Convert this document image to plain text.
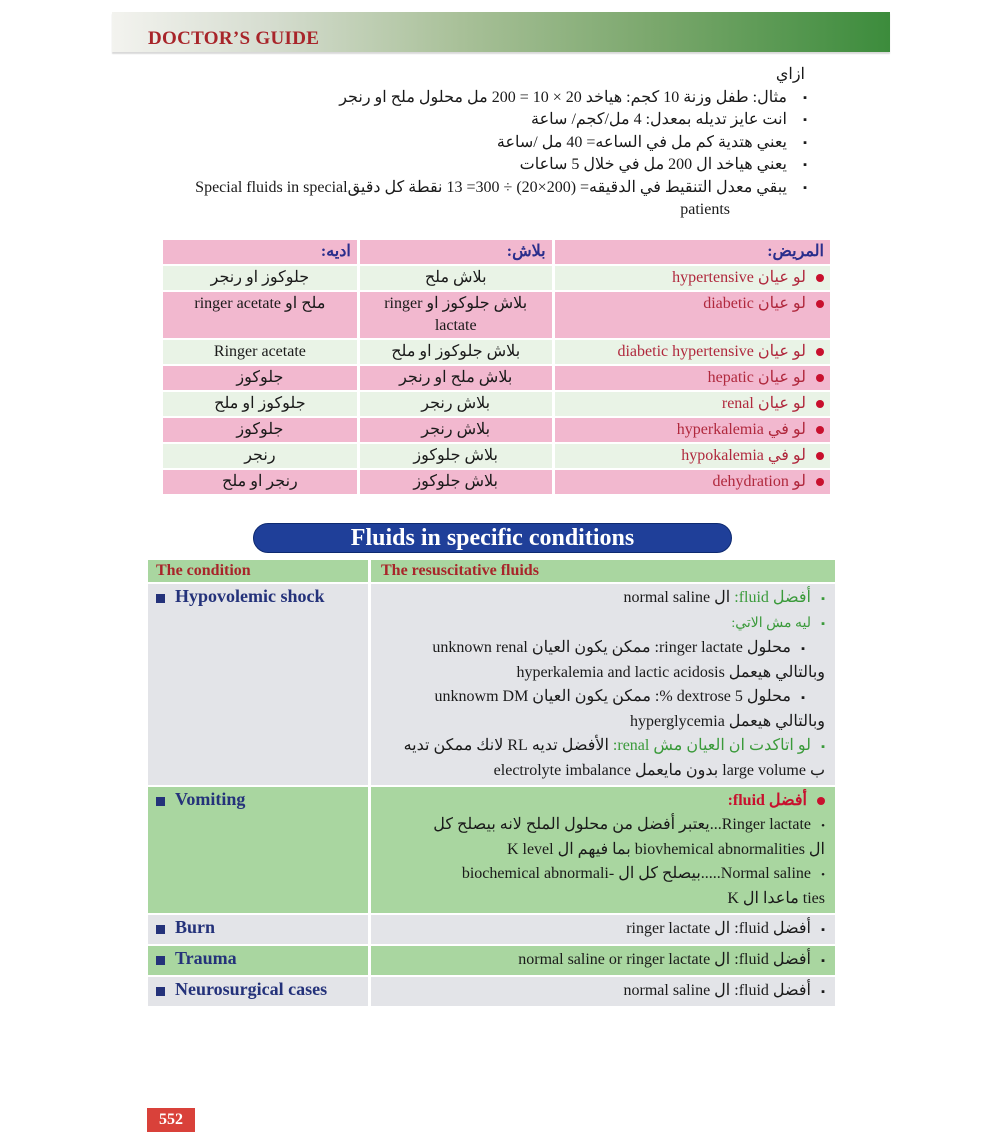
DOCTOR’S GUIDE
ازاي
▪ مثال: طفل وزنة 10 كجم: هياخد 20 × 10 = 200 مل محلول ملح او رنجر
▪ انت عايز تديله بمعدل: 4 مل/كجم/ ساعة
▪ يعني هتدية كم مل في الساعه= 40 مل /ساعة
▪ يعني هياخد ال 200 مل في خلال 5 ساعات
▪ يبقي معدل التنقيط في الدقيقه= (200×20) ÷ 300= 13 نقطة كل دقيقSpecial fluids in special
patients
المريض:	بلاش:	اديه:
لو عيان hypertensive	بلاش ملح	جلوكوز او رنجر
لو عيان diabetic	بلاش جلوكوز او ringer lactate	ملح او ringer acetate
لو عيان diabetic hypertensive	بلاش جلوكوز او ملح	Ringer acetate
لو عيان hepatic	بلاش ملح او رنجر	جلوكوز
لو عيان renal	بلاش رنجر	جلوكوز او ملح
لو في hyperkalemia	بلاش رنجر	جلوكوز
لو في hypokalemia	بلاش جلوكوز	رنجر
لو dehydration	بلاش جلوكوز	رنجر او ملح
Fluids in specific conditions
The condition	The resuscitative fluids
Hypovolemic shock	▪أفضل fluid: ال normal saline
▪ليه مش الاتي:
▪محلول ringer lactate: ممكن يكون العيان unknown renal
وبالتالي هيعمل hyperkalemia and lactic acidosis
▪محلول 5 dextrose %: ممكن يكون العيان unknowm DM
وبالتالي هيعمل hyperglycemia
▪لو اتاكدت ان العيان مش renal: الأفضل تديه RL لانك ممكن تديه
ب large volume بدون مايعمل electrolyte imbalance
Vomiting	أفضل fluid:
•Ringer lactate...يعتبر أفضل من محلول الملح لانه بيصلح كل
ال biovhemical abnormalities بما فيهم ال K level
•Normal saline.....بيصلح كل ال -biochemical abnormali
ties ماعدا ال K
Burn	▪أفضل fluid: ال ringer lactate
Trauma	▪أفضل fluid: ال normal saline or ringer lactate
Neurosurgical cases	▪أفضل fluid: ال normal saline
552
